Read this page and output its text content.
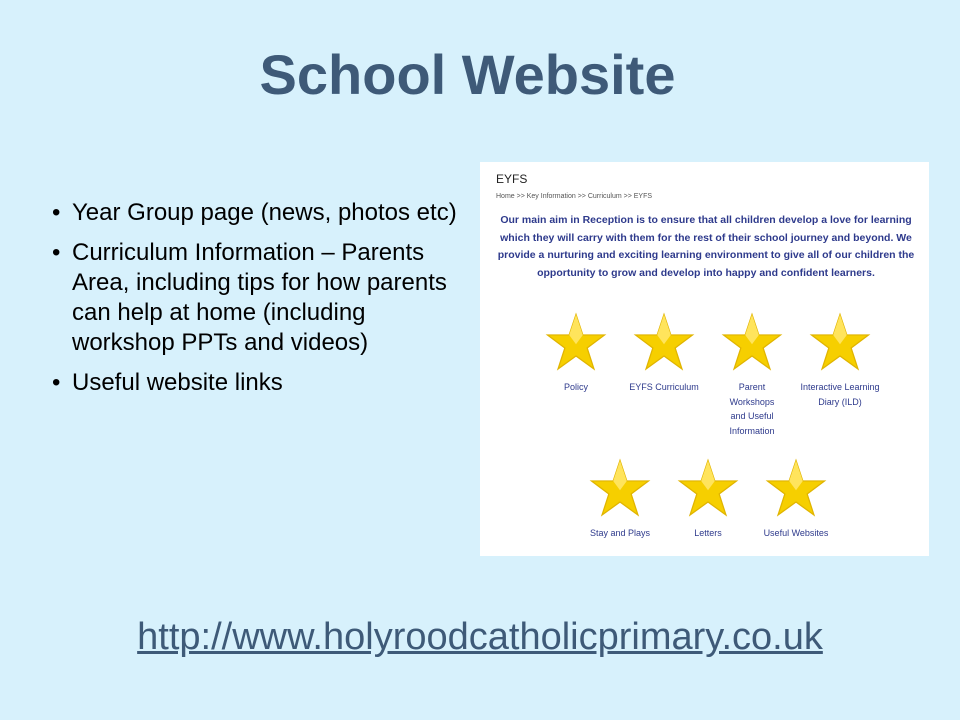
School Website
• Year Group page (news, photos etc)
• Curriculum Information – Parents Area, including tips for how parents can help at home (including workshop PPTs and videos)
• Useful website links
EYFS
Home >> Key Information >> Curriculum >> EYFS
Our main aim in Reception is to ensure that all children develop a love for learning which they will carry with them for the rest of their school journey and beyond. We provide a nurturing and exciting learning environment to give all of our children the opportunity to grow and develop into happy and confident learners.
Policy	EYFS Curriculum	Parent Workshops and Useful Information
Interactive Learning Diary (ILD)
Stay and Plays	Letters	Useful Websites
http://www.holyroodcatholicprimary.co.uk
